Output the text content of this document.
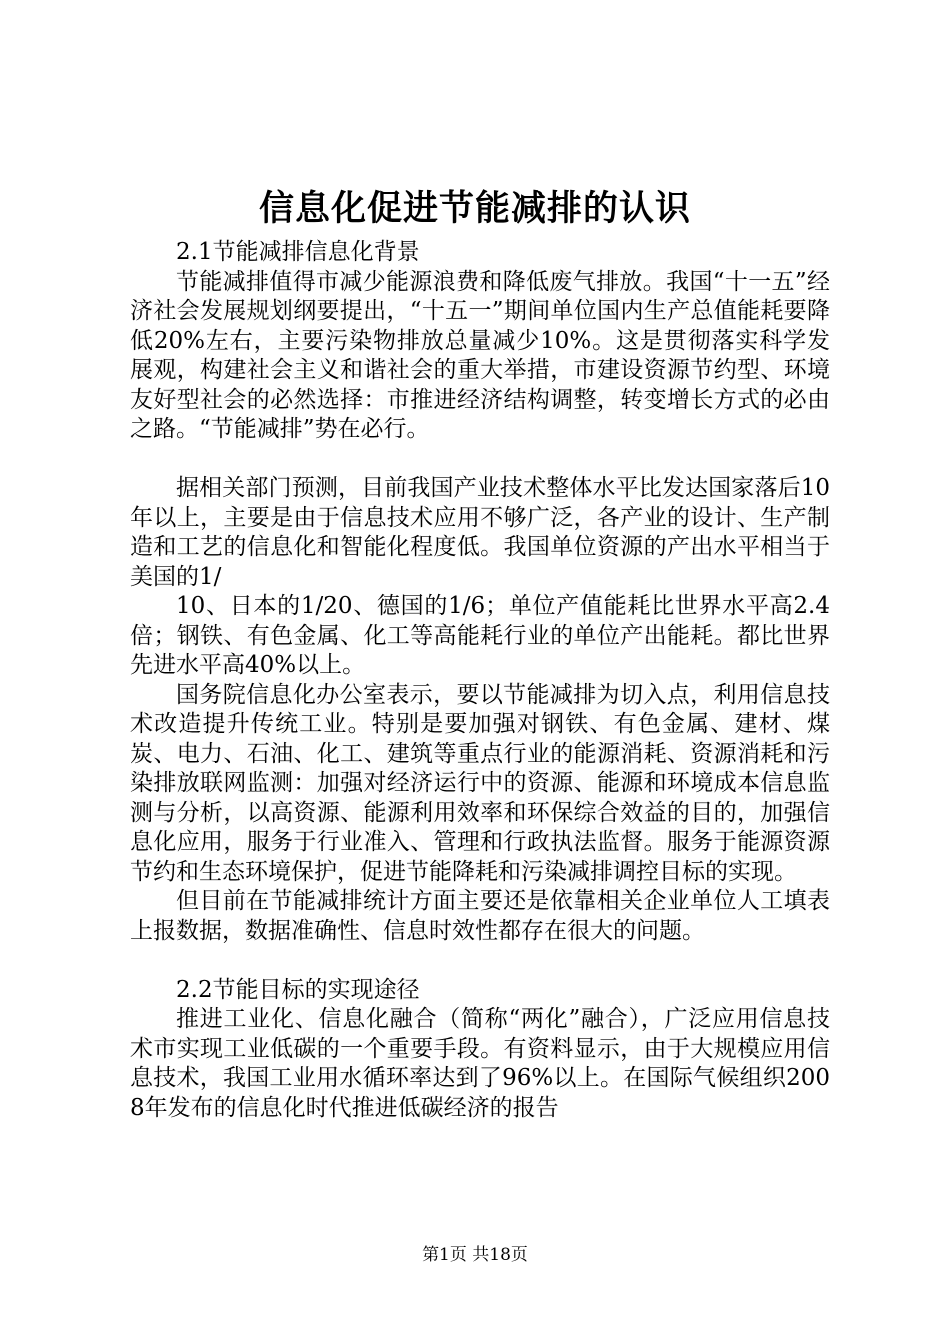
信息化促进节能减排的认识

2.1节能减排信息化背景

节能减排值得市减少能源浪费和降低废气排放。我国“十一五”经济社会发展规划纲要提出，“十五一”期间单位国内生产总值能耗要降低20%左右，主要污染物排放总量减少10%。这是贯彻落实科学发展观，构建社会主义和谐社会的重大举措，市建设资源节约型、环境友好型社会的必然选择：市推进经济结构调整，转变增长方式的必由之路。“节能减排”势在必行。

据相关部门预测，目前我国产业技术整体水平比发达国家落后10年以上，主要是由于信息技术应用不够广泛，各产业的设计、生产制造和工艺的信息化和智能化程度低。我国单位资源的产出水平相当于美国的1/

10、日本的1/20、德国的1/6；单位产值能耗比世界水平高2.4倍；钢铁、有色金属、化工等高能耗行业的单位产出能耗。都比世界先进水平高40%以上。

国务院信息化办公室表示，要以节能减排为切入点，利用信息技术改造提升传统工业。特别是要加强对钢铁、有色金属、建材、煤炭、电力、石油、化工、建筑等重点行业的能源消耗、资源消耗和污染排放联网监测：加强对经济运行中的资源、能源和环境成本信息监测与分析，以高资源、能源利用效率和环保综合效益的目的，加强信息化应用，服务于行业准入、管理和行政执法监督。服务于能源资源节约和生态环境保护，促进节能降耗和污染减排调控目标的实现。

但目前在节能减排统计方面主要还是依靠相关企业单位人工填表上报数据，数据准确性、信息时效性都存在很大的问题。

2.2节能目标的实现途径

推进工业化、信息化融合（简称“两化”融合），广泛应用信息技术市实现工业低碳的一个重要手段。有资料显示，由于大规模应用信息技术，我国工业用水循环率达到了96%以上。在国际气候组织2008年发布的信息化时代推进低碳经济的报告

第1页 共18页
